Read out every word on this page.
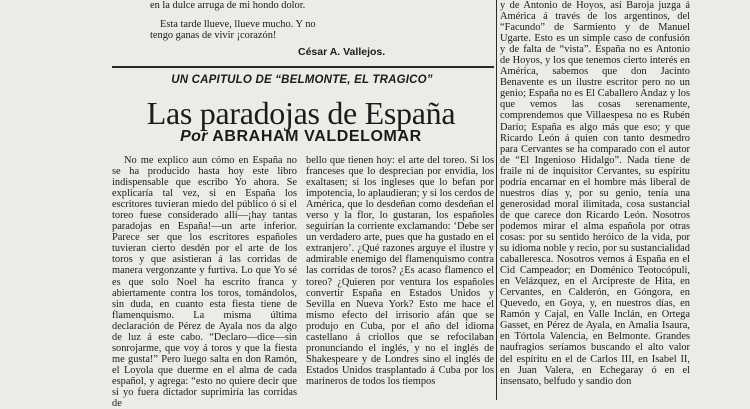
en la dulce arruga de mi hondo dolor.

Esta tarde llueve, llueve mucho. Y no

tengo ganas de vivir ¡corazón!

César A. Vallejos.
UN CAPITULO DE “BELMONTE, EL TRAGICO”
Las paradojas de España
Por ABRAHAM VALDELOMAR

No me explico aun cómo en España no se ha producido hasta hoy este libro indispensable que escribo Yo ahora. Se explicaría tal vez, si en España los escritores tuvieran miedo del público ó si el toreo fuese considerado allí—¡hay tantas paradojas en España!—un arte inferior. Parece ser que los escritores españoles tuvieran cierto desdén por el arte de los toros y que asistieran á las corridas de manera vergonzante y furtiva. Lo que Yo sé es que solo Noel ha escrito franca y abiertamente contra los toros, tomándolos, sin duda, en cuanto esta fiesta tiene de flamenquismo. La misma última declaración de Pérez de Ayala nos da algo de luz á este cabo. “Declaro—dice—sin sonrojarme, que voy á toros y que la fiesta me gusta!” Pero luego salta en don Ramón, el Loyola que duerme en el alma de cada español, y agrega: “esto no quiere decir que si yo fuera dictador suprimiría las corridas de

bello que tienen hoy: el arte del toreo. Si los franceses que lo desprecian por envidia, los exaltasen; si los ingleses que lo befan por impotencia, lo aplaudieran; y si los cerdos de América, que lo desdeñan como desdeñan el verso y la flor, lo gustaran, los españoles seguirían la corriente exclamando: ‘Debe ser un verdadero arte, pues que ha gustado en el extranjero’. ¿Qué razones arguye el ilustre y admirable enemigo del flamenquismo contra las corridas de toros? ¿Es acaso flamenco el toreo? ¿Quieren por ventura los españoles convertir España en Estados Unidos y Sevilla en Nueva York? Esto me hace el mismo efecto del irrisorio afán que se produjo en Cuba, por el año del idioma castellano á criollos que se refocilaban pronunciando el inglés, y no el inglés de Shakespeare y de Londres sino el inglés de Estados Unidos trasplantado á Cuba por los marineros de todos los tiempos

y de Antonio de Hoyos, así Baroja juzga á América á través de los argentinos, del “Facundo” de Sarmiento y de Manuel Ugarte. Esto es un simple caso de confusión y de falta de “vista”. España no es Antonio de Hoyos, y los que tenemos cierto interés en América, sabemos que don Jacinto Benavente es un ilustre escritor pero no un genio; España no es El Caballero Andaz y los que vemos las cosas serenamente, comprendemos que Villaespesa no es Rubén Darío; España es algo más que eso; y que Ricardo León á quien con tanto desmedro para Cervantes se ha comparado con el autor de “El Ingenioso Hidalgo”. Nada tiene de fraile ni de inquisitor Cervantes, su espíritu podría encarnar en el hombre más liberal de nuestros días y, por su genio, tenía una generosidad moral ilimitada, cosa sustancial de que carece don Ricardo León. Nosotros podemos mirar el alma española por otras cosas: por su sentido heróico de la vida, por su idioma noble y recio, por su sustancialidad caballeresca. Nosotros vemos á España en el Cid Campeador; en Doménico Teotocópuli, en Velázquez, en el Arcipreste de Hita, en Cervantes, en Calderón, en Góngora, en Quevedo, en Goya, y, en nuestros días, en Ramón y Cajal, en Valle Inclán, en Ortega Gasset, en Pérez de Ayala, en Amalia Isaura, en Tórtola Valencia, en Belmonte. Grandes naufragios seríamos buscando el alto valor del espíritu en el de Carlos III, en Isabel II, en Juan Valera, en Echegaray ó en el insensato, belfudo y sandio don
